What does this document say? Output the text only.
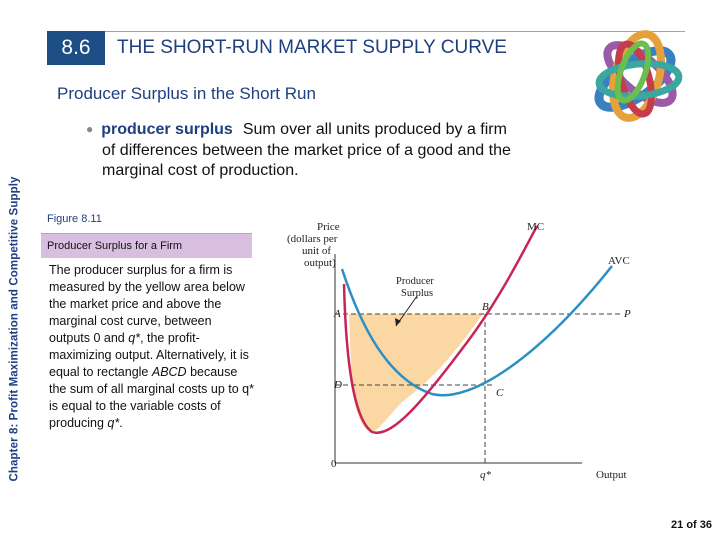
Chapter 8: Profit Maximization and Competitive Supply
8.6 THE SHORT-RUN MARKET SUPPLY CURVE
Producer Surplus in the Short Run
● producer surplus Sum over all units produced by a firm
of differences between the market price of a good and the
marginal cost of production.
Figure 8.11
Producer Surplus for a Firm
The producer surplus for a firm is measured by the yellow area below the market price and above the marginal cost curve, between outputs 0 and q*, the profit-maximizing output. Alternatively, it is equal to rectangle ABCD because the sum of all marginal costs up to q* is equal to the variable costs of producing q*.
Price
(dollars per
unit of
output)
MC
AVC
Producer
Surplus
A
B
C
D
P
0
q*	Output
21 of 36
